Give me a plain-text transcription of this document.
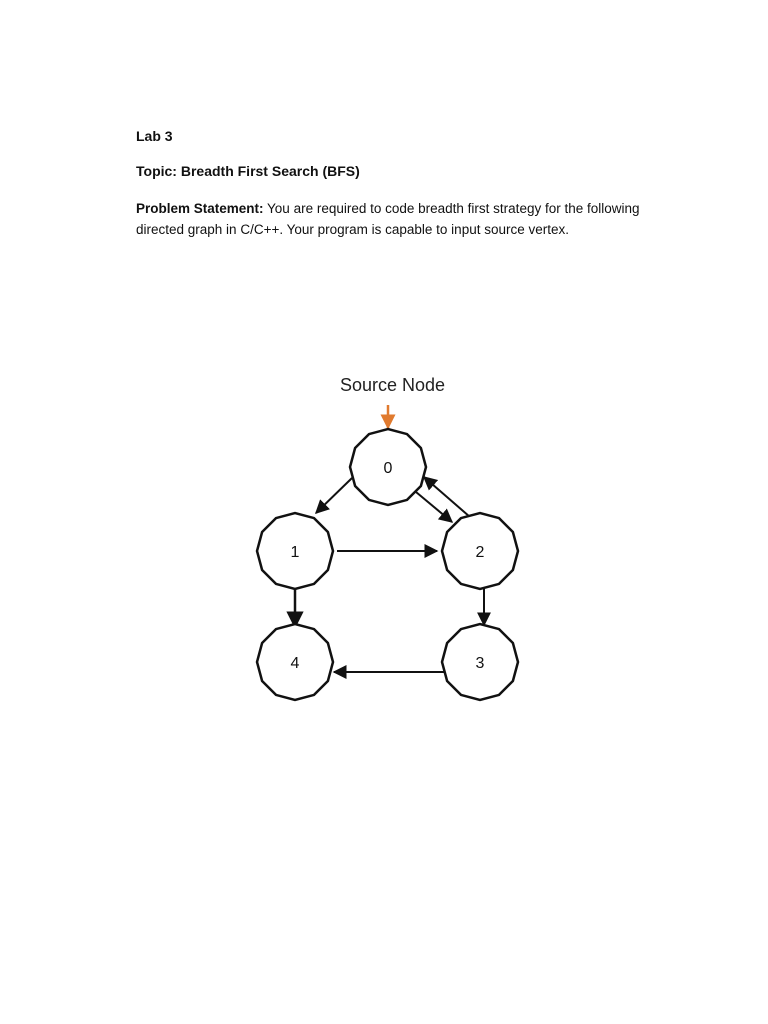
Lab 3
Topic: Breadth First Search (BFS)
Problem Statement: You are required to code breadth first strategy for the following directed graph in C/C++. Your program is capable to input source vertex.
Source Node
0
1	2
3
4
